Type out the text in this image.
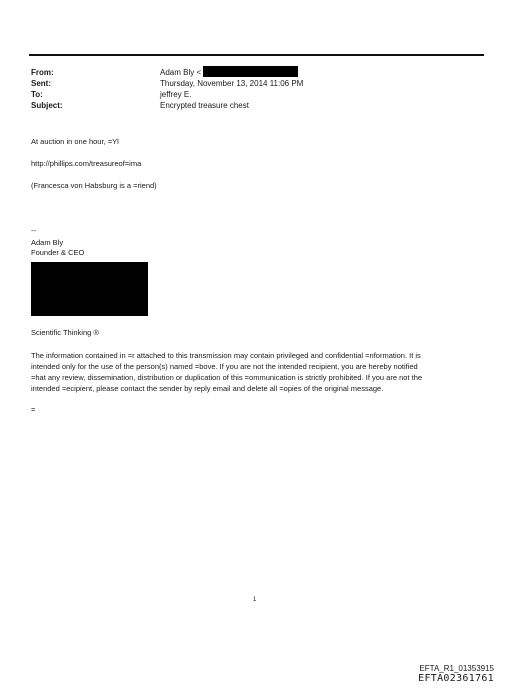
From:	Adam Bly <
Sent:	Thursday, November 13, 2014 11:06 PM
To:	jeffrey E.
Subject:	Encrypted treasure chest
At auction in one hour, =Yl
http://phillips.com/treasureof=ima
(Francesca von Habsburg is a =riend)
--
Adam Bly
Founder & CEO
Scientific Thinking ®
The information contained in =r attached to this transmission may contain privileged and confidential =nformation. It is
intended only for the use of the person(s) named =bove. If you are not the intended recipient, you are hereby notified
=hat any review, dissemination, distribution or duplication of this =ommunication is strictly prohibited. If you are not the
intended =ecipient, please contact the sender by reply email and delete all =opies of the original message.
=
1
EFTA_R1_01353915
EFTA02361761
